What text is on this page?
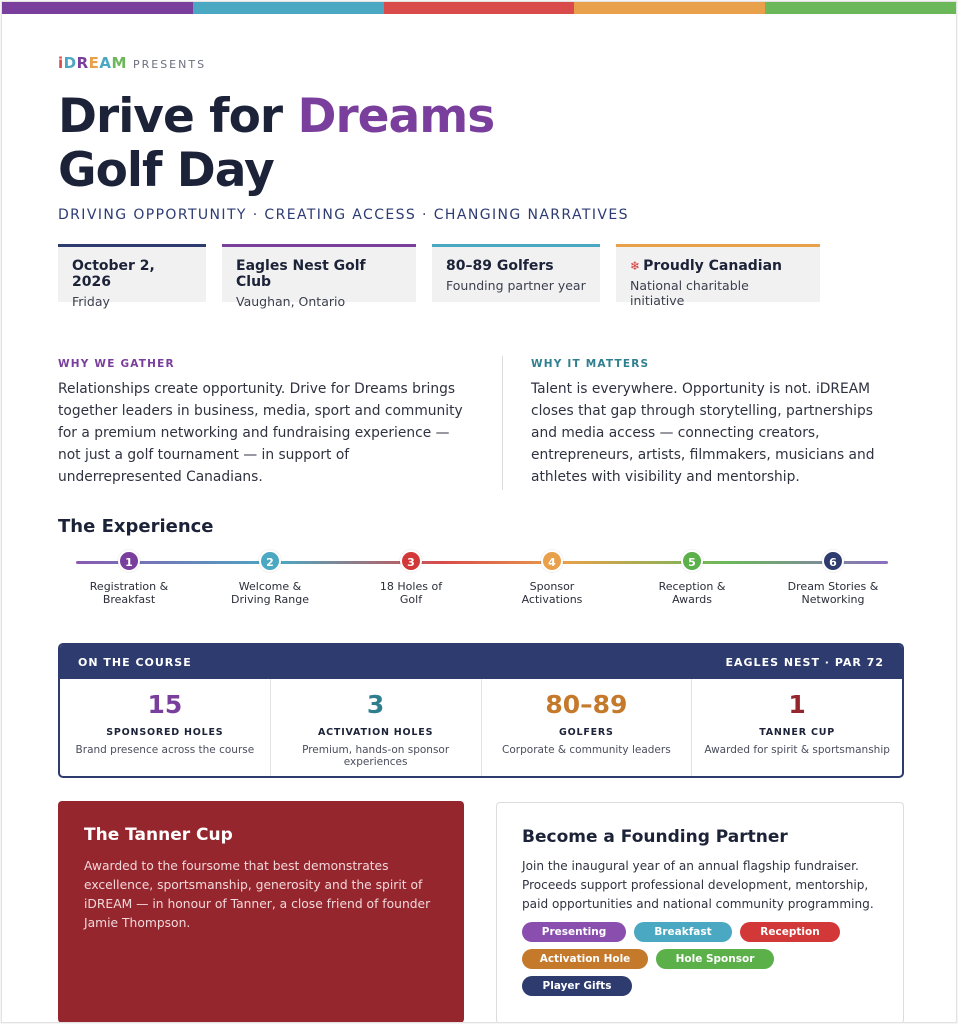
iDREAM PRESENTS
Drive for Dreams
Golf Day
DRIVING OPPORTUNITY · CREATING ACCESS · CHANGING NARRATIVES
October 2, 2026
Friday
Eagles Nest Golf Club
Vaughan, Ontario
80–89 Golfers
Founding partner year
❄ Proudly Canadian
National charitable initiative
WHY WE GATHER
Relationships create opportunity. Drive for Dreams brings together leaders in business, media, sport and community for a premium networking and fundraising experience — not just a golf tournament — in support of underrepresented Canadians.
WHY IT MATTERS
Talent is everywhere. Opportunity is not. iDREAM closes that gap through storytelling, partnerships and media access — connecting creators, entrepreneurs, artists, filmmakers, musicians and athletes with visibility and mentorship.
The Experience
1
Registration &
Breakfast
2
Welcome &
Driving Range
3
18 Holes of
Golf
4
Sponsor
Activations
5
Reception &
Awards
6
Dream Stories &
Networking
ON THE COURSE	EAGLES NEST · PAR 72
15
SPONSORED HOLES
Brand presence across the course
3
ACTIVATION HOLES
Premium, hands-on sponsor experiences
80–89
GOLFERS
Corporate & community leaders
1
TANNER CUP
Awarded for spirit & sportsmanship
The Tanner Cup
Awarded to the foursome that best demonstrates excellence, sportsmanship, generosity and the spirit of iDREAM — in honour of Tanner, a close friend of founder Jamie Thompson.
Become a Founding Partner
Join the inaugural year of an annual flagship fundraiser. Proceeds support professional development, mentorship, paid opportunities and national community programming.
Presenting	Breakfast	Reception
Activation Hole	Hole Sponsor
Player Gifts
